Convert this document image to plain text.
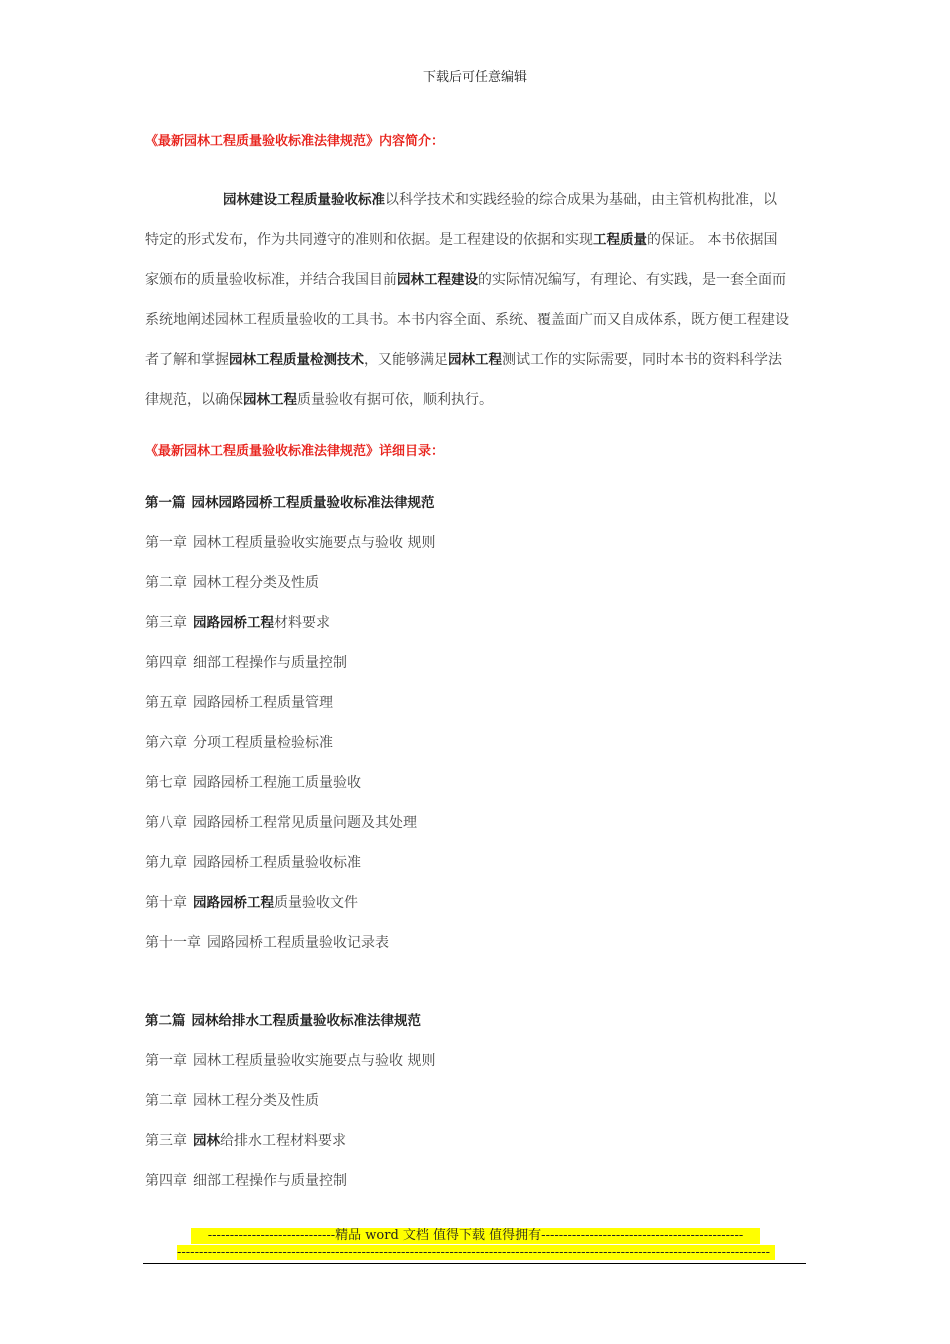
下载后可任意编辑
《最新园林工程质量验收标准法律规范》内容简介：
园林建设工程质量验收标准以科学技术和实践经验的综合成果为基础，由主管机构批准，以
特定的形式发布，作为共同遵守的准则和依据。是工程建设的依据和实现工程质量的保证。 本书依据国
家颁布的质量验收标准，并结合我国目前园林工程建设的实际情况编写，有理论、有实践，是一套全面而
系统地阐述园林工程质量验收的工具书。本书内容全面、系统、覆盖面广而又自成体系，既方便工程建设
者了解和掌握园林工程质量检测技术，又能够满足园林工程测试工作的实际需要，同时本书的资料科学法
律规范，以确保园林工程质量验收有据可依，顺利执行。
《最新园林工程质量验收标准法律规范》详细目录：
第一篇 园林园路园桥工程质量验收标准法律规范
第一章 园林工程质量验收实施要点与验收 规则
第二章 园林工程分类及性质
第三章 园路园桥工程材料要求
第四章 细部工程操作与质量控制
第五章 园路园桥工程质量管理
第六章 分项工程质量检验标准
第七章 园路园桥工程施工质量验收
第八章 园路园桥工程常见质量问题及其处理
第九章 园路园桥工程质量验收标准
第十章 园路园桥工程质量验收文件
第十一章 园路园桥工程质量验收记录表
第二篇 园林给排水工程质量验收标准法律规范
第一章 园林工程质量验收实施要点与验收 规则
第二章 园林工程分类及性质
第三章 园林给排水工程材料要求
第四章 细部工程操作与质量控制
-----------------------------精品 word 文档 值得下载 值得拥有----------------------------------------------
---------------------------------------------------------------------------------------------------------------------------------------
